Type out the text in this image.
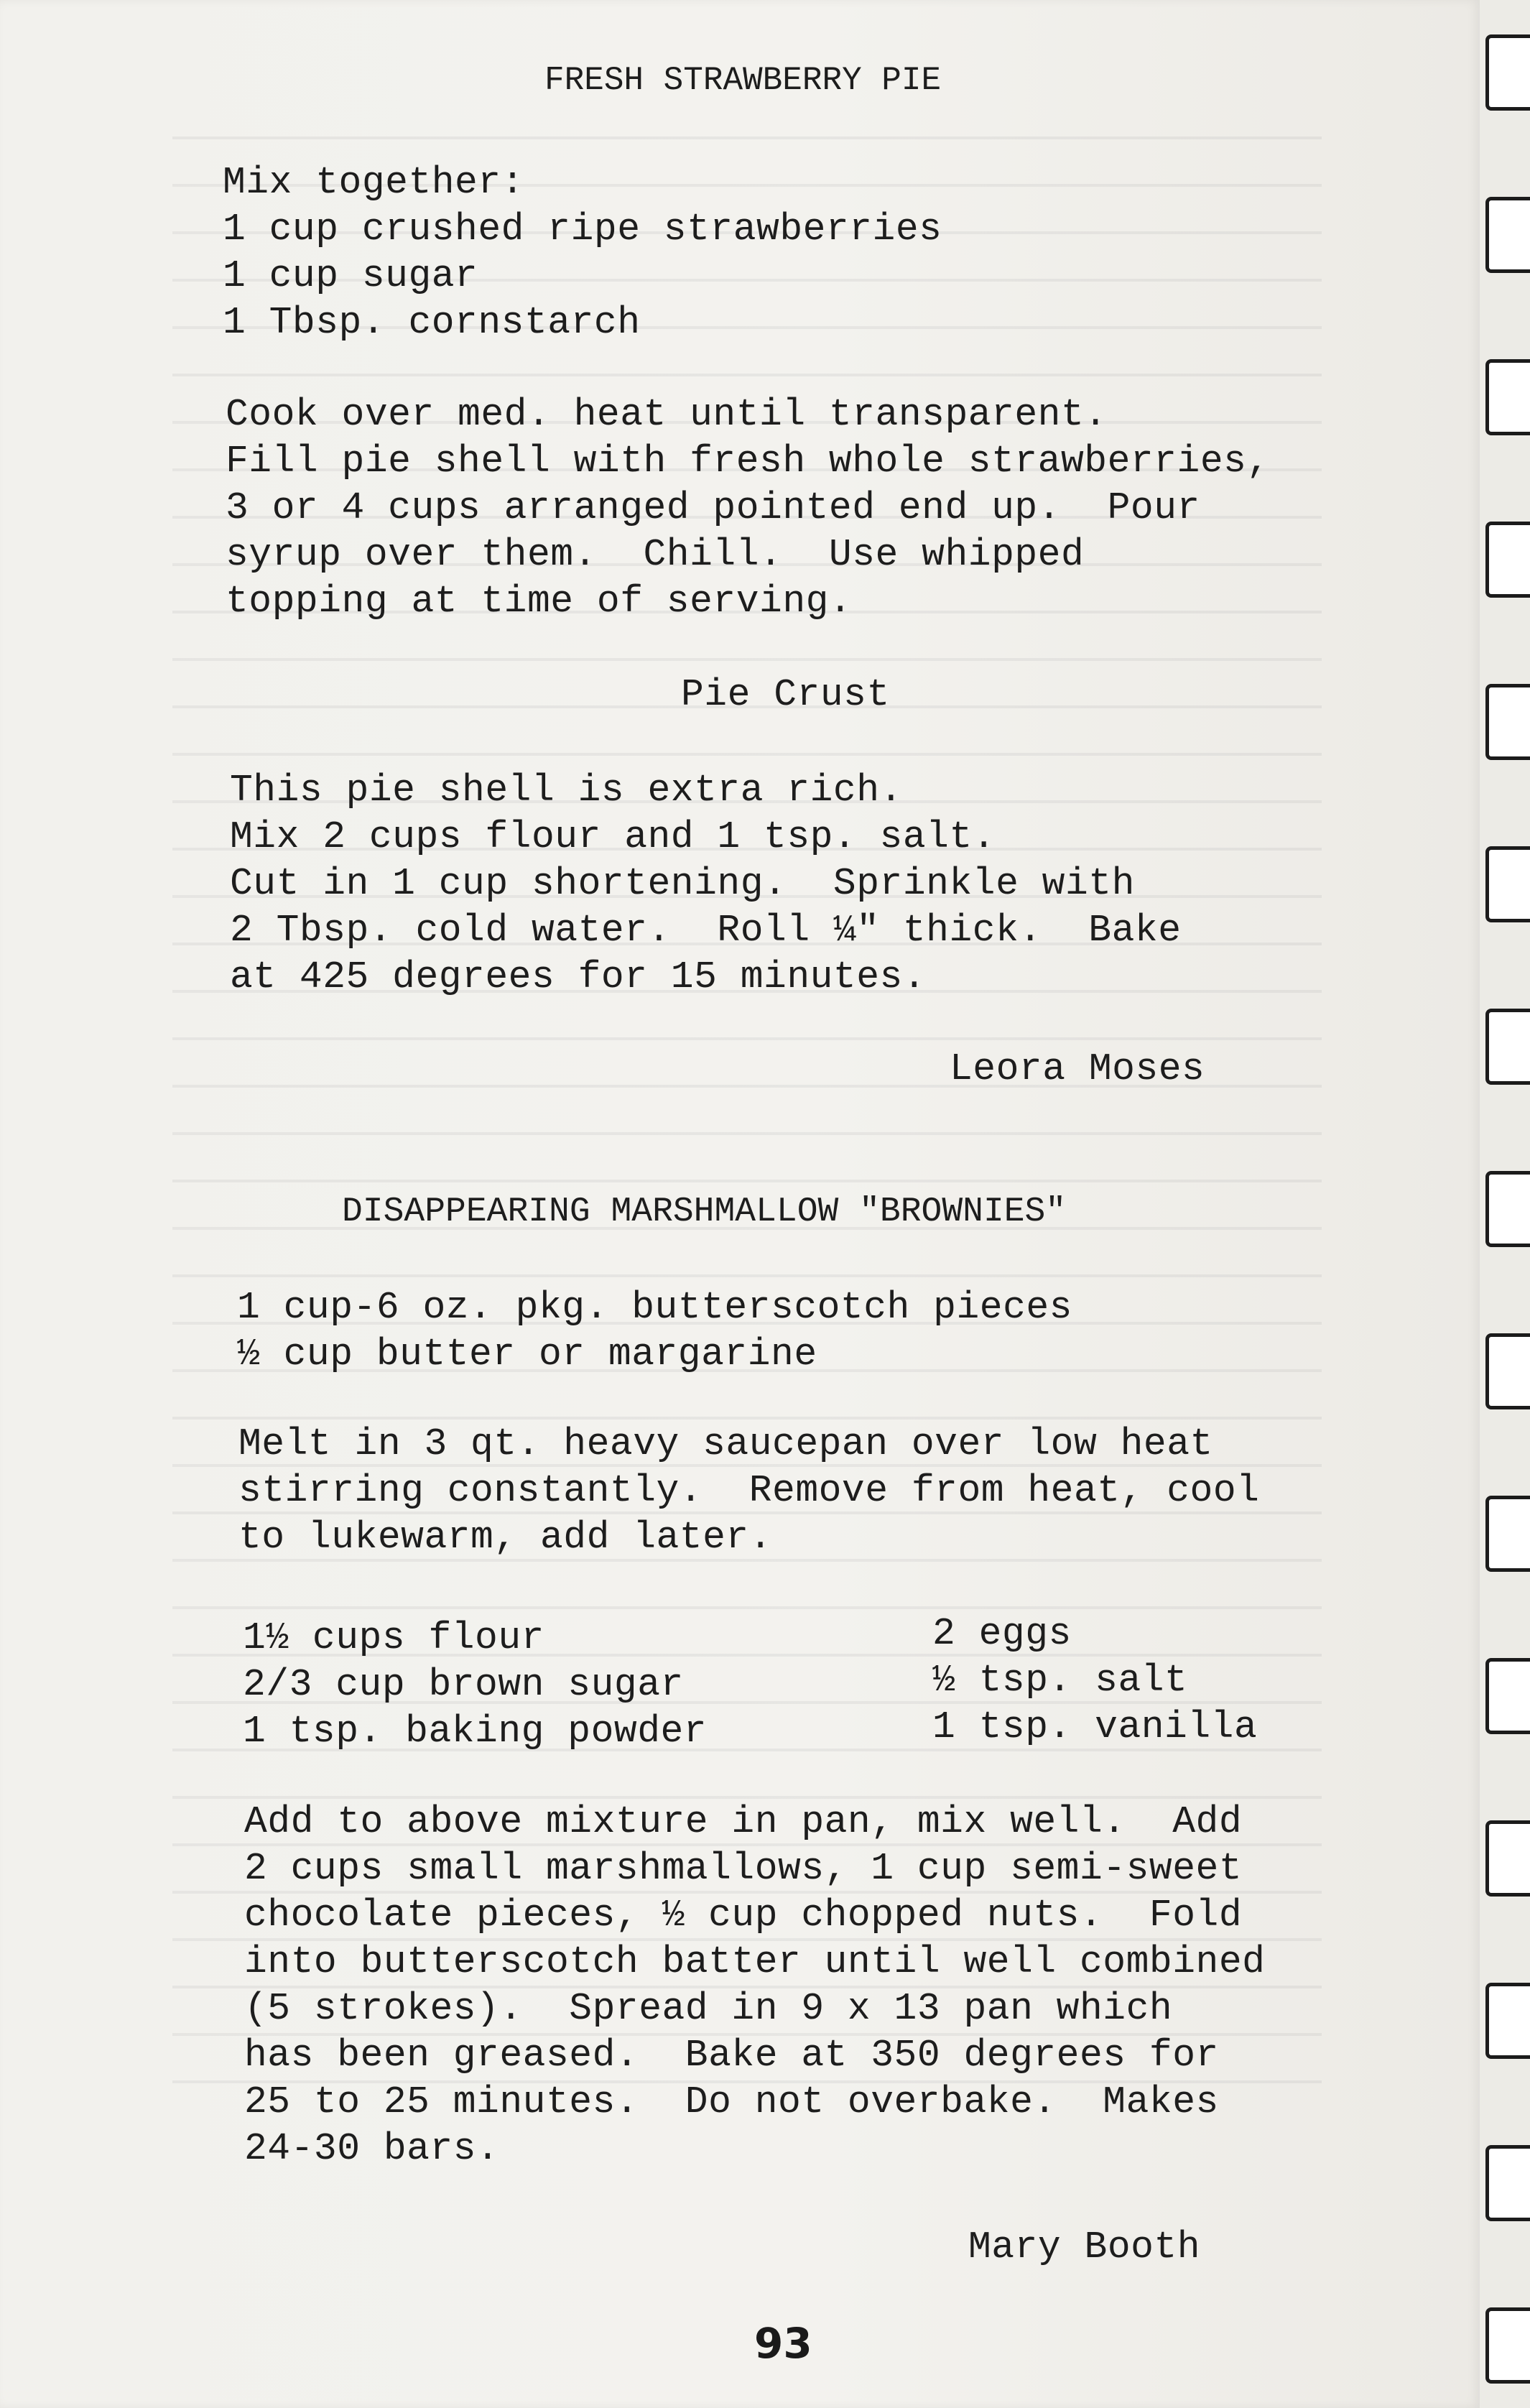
FRESH STRAWBERRY PIE
Mix together:
1 cup crushed ripe strawberries
1 cup sugar
1 Tbsp. cornstarch
Cook over med. heat until transparent.
Fill pie shell with fresh whole strawberries,
3 or 4 cups arranged pointed end up.  Pour
syrup over them.  Chill.  Use whipped
topping at time of serving.
Pie Crust
This pie shell is extra rich.
Mix 2 cups flour and 1 tsp. salt.
Cut in 1 cup shortening.  Sprinkle with
2 Tbsp. cold water.  Roll ¼" thick.  Bake
at 425 degrees for 15 minutes.
Leora Moses
DISAPPEARING MARSHMALLOW "BROWNIES"
1 cup-6 oz. pkg. butterscotch pieces
½ cup butter or margarine
Melt in 3 qt. heavy saucepan over low heat
stirring constantly.  Remove from heat, cool
to lukewarm, add later.
1½ cups flour
2/3 cup brown sugar
1 tsp. baking powder
2 eggs
½ tsp. salt
1 tsp. vanilla
Add to above mixture in pan, mix well.  Add
2 cups small marshmallows, 1 cup semi-sweet
chocolate pieces, ½ cup chopped nuts.  Fold
into butterscotch batter until well combined
(5 strokes).  Spread in 9 x 13 pan which
has been greased.  Bake at 350 degrees for
25 to 25 minutes.  Do not overbake.  Makes
24-30 bars.
Mary Booth
93
